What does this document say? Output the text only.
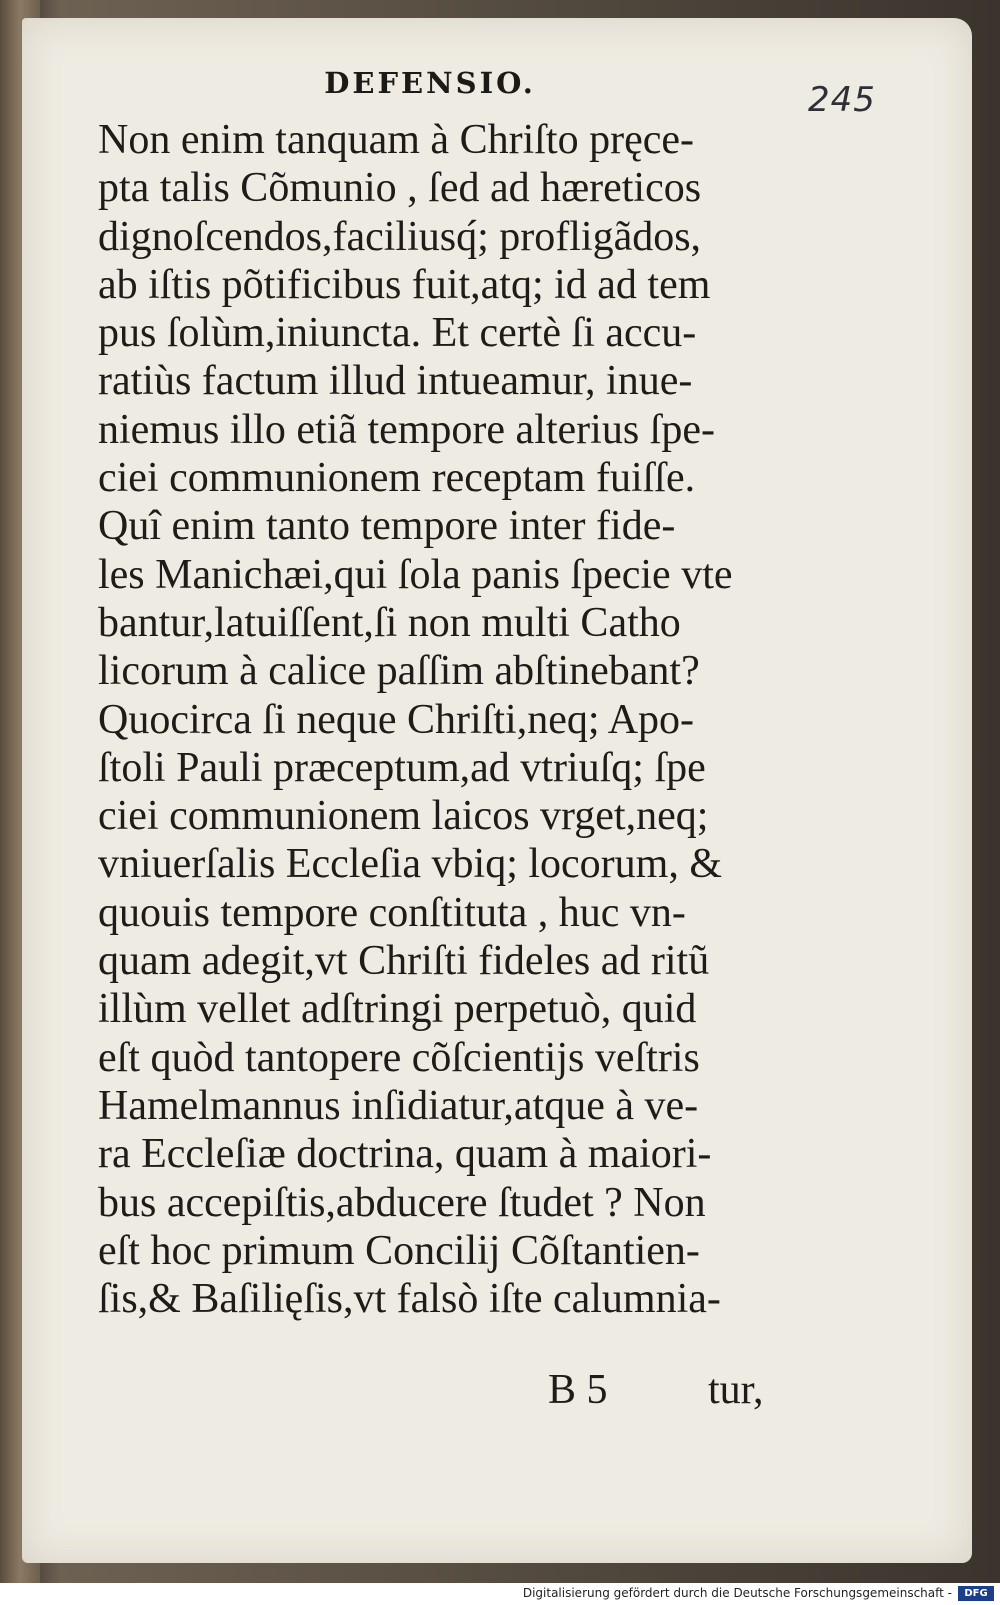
DEFENSIO.	245
Non enim tanquam à Chriſto pręce-
pta talis Cõmunio , ſed ad hæreticos
dignoſcendos,faciliusq́; profligãdos,
ab iſtis põtificibus fuit,atq; id ad tem
pus ſolùm,iniuncta. Et certè ſi accu-
ratiùs factum illud intueamur, inue-
niemus illo etiã tempore alterius ſpe-
ciei communionem receptam fuiſſe.
Quî enim tanto tempore inter fide-
les Manichæi,qui ſola panis ſpecie vte
bantur,latuiſſent,ſi non multi Catho
licorum à calice paſſim abſtinebant?
Quocirca ſi neque Chriſti,neq; Apo-
ſtoli Pauli præceptum,ad vtriuſq; ſpe
ciei communionem laicos vrget,neq;
vniuerſalis Eccleſia vbiq; locorum, &
quouis tempore conſtituta , huc vn-
quam adegit,vt Chriſti fideles ad ritũ
illùm vellet adſtringi perpetuò, quid
eſt quòd tantopere cõſcientijs veſtris
Hamelmannus inſidiatur,atque à ve-
ra Eccleſiæ doctrina, quam à maiori-
bus accepiſtis,abducere ſtudet ? Non
eſt hoc primum Concilij Cõſtantien-
ſis,& Baſilięſis,vt falsò iſte calumnia-
B 5 tur,
Digitalisierung gefördert durch die Deutsche Forschungsgemeinschaft -	DFG
